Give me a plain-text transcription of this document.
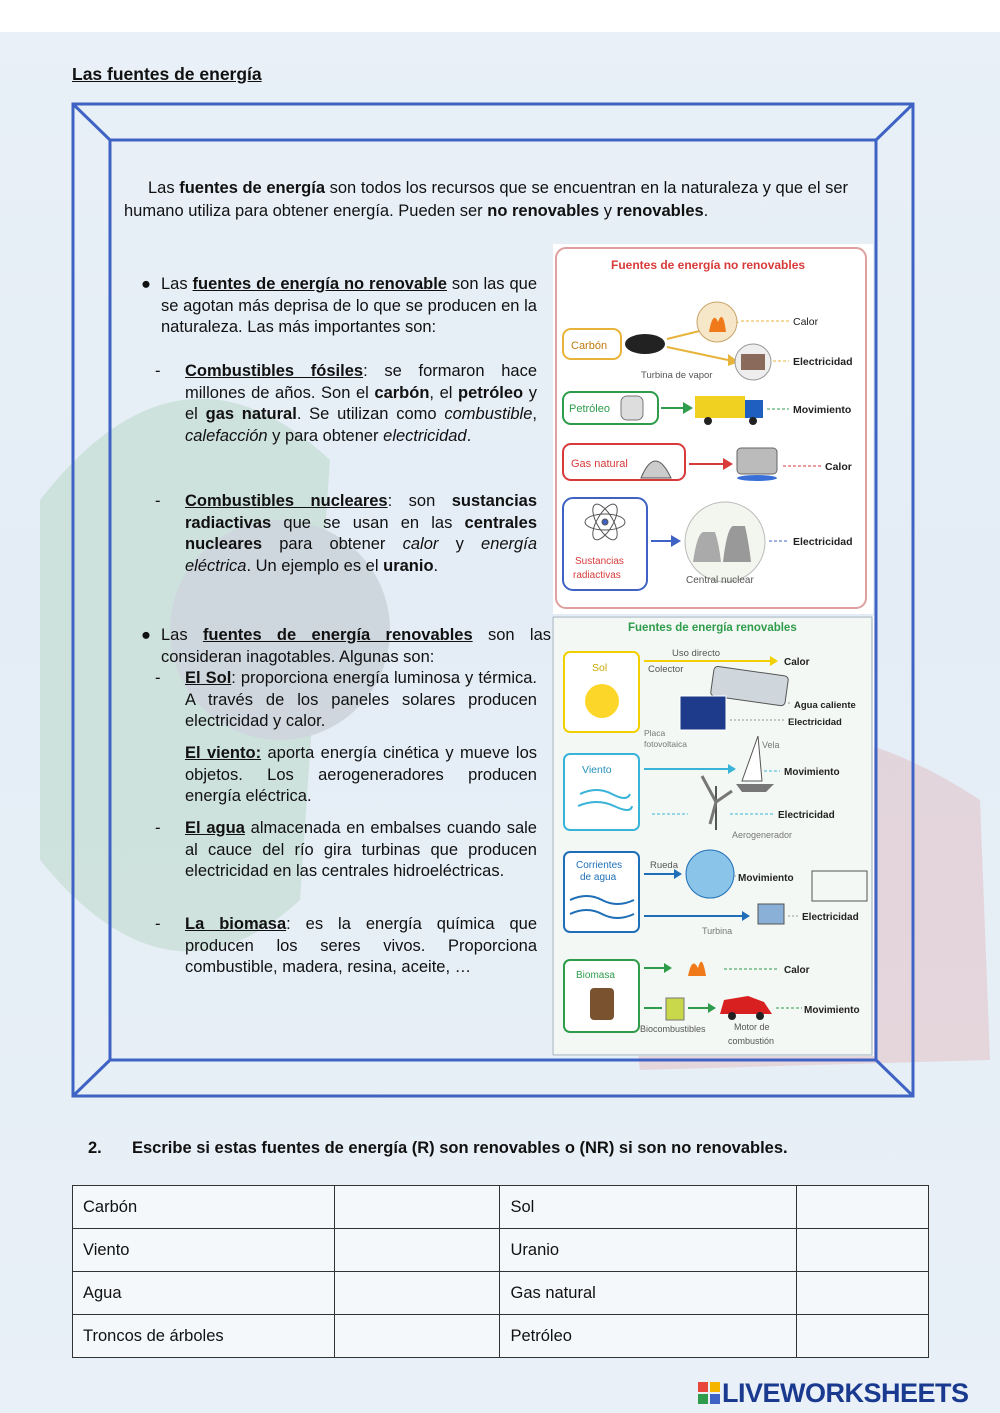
Las fuentes de energía

Las fuentes de energía son todos los recursos que se encuentran en la naturaleza y que el ser humano utiliza para obtener energía. Pueden ser no renovables y renovables.

● Las fuentes de energía no renovable son las que se agotan más deprisa de lo que se producen en la naturaleza. Las más importantes son:
- Combustibles fósiles: se formaron hace millones de años. Son el carbón, el petróleo y el gas natural. Se utilizan como combustible, calefacción y para obtener electricidad.
- Combustibles nucleares: son sustancias radiactivas que se usan en las centrales nucleares para obtener calor y energía eléctrica. Un ejemplo es el uranio.
● Las fuentes de energía renovables son las consideran inagotables. Algunas son:
- El Sol: proporciona energía luminosa y térmica. A través de los paneles solares producen electricidad y calor.
El viento: aporta energía cinética y mueve los objetos. Los aerogeneradores producen energía eléctrica.
- El agua almacenada en embalses cuando sale al cauce del río gira turbinas que producen electricidad en las centrales hidroeléctricas.
- La biomasa: es la energía química que producen los seres vivos. Proporciona combustible, madera, resina, aceite, …
Fuentes de energía no renovables
Carbón
Turbina de vapor
Calor
Electricidad
Petróleo	Movimiento
Gas natural	Calor
Sustancias
radiactivas	Central nuclear
Electricidad
Fuentes de energía renovables
Sol
Uso directo
Calor
Colector
Agua caliente
Electricidad
Placa
fotovoltaica
Viento
Vela
Movimiento
Electricidad
Aerogenerador
Corrientes
de agua
Rueda
Movimiento
Electricidad
Turbina
Biomasa	Calor
Movimiento
Biocombustibles	Motor de
combustión
2. Escribe si estas fuentes de energía (R) son renovables o (NR) si son no renovables.
Carbón		Sol	
Viento		Uranio	
Agua		Gas natural	
Troncos de árboles		Petróleo	
LIVEWORKSHEETS
